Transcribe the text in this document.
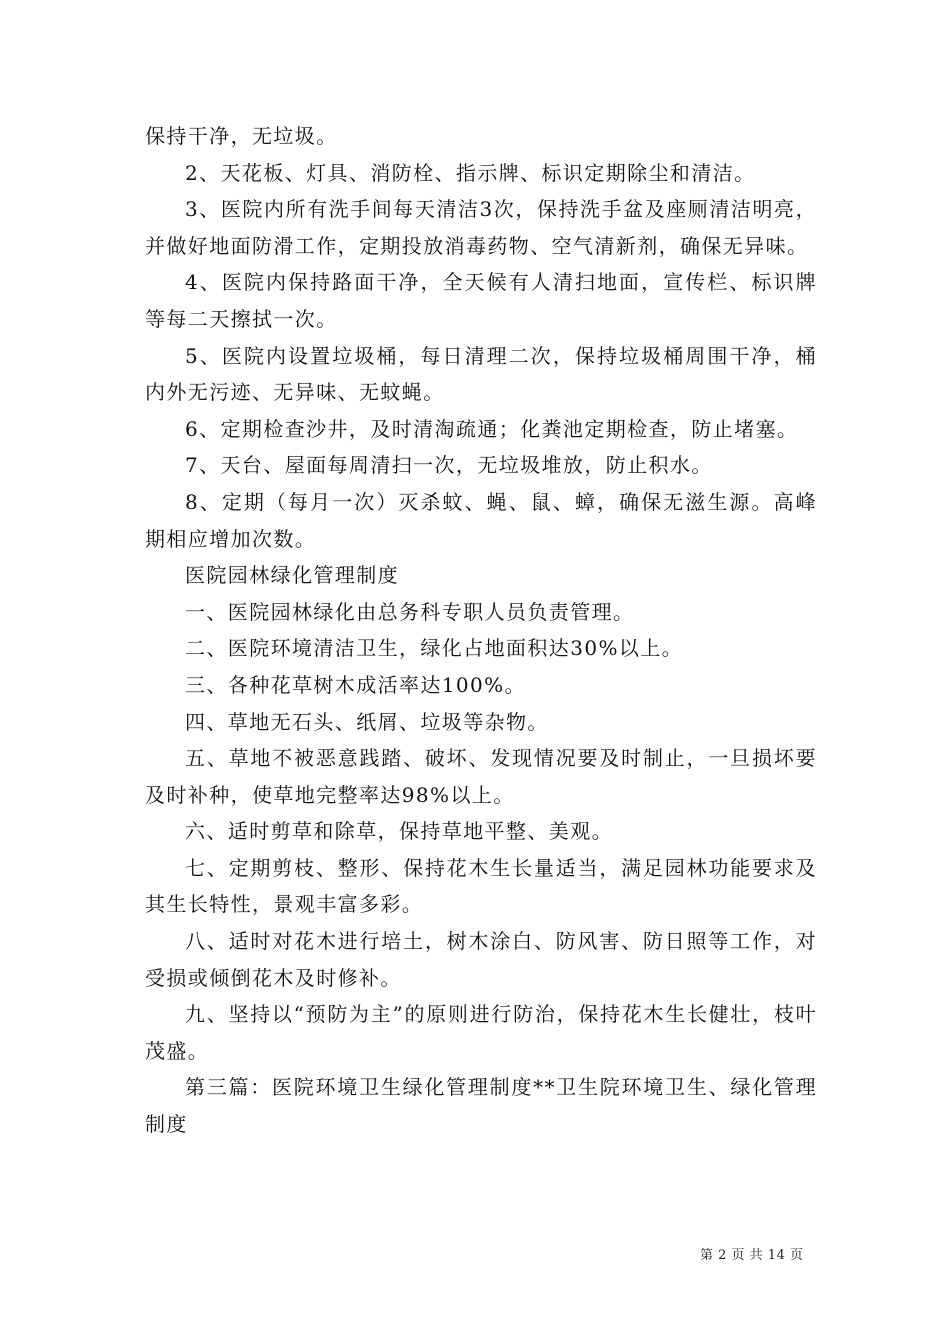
保持干净，无垃圾。

2、天花板、灯具、消防栓、指示牌、标识定期除尘和清洁。

3、医院内所有洗手间每天清洁3次，保持洗手盆及座厕清洁明亮，并做好地面防滑工作，定期投放消毒药物、空气清新剂，确保无异味。

4、医院内保持路面干净，全天候有人清扫地面，宣传栏、标识牌等每二天擦拭一次。

5、医院内设置垃圾桶，每日清理二次，保持垃圾桶周围干净，桶内外无污迹、无异味、无蚊蝇。

6、定期检查沙井，及时清淘疏通；化粪池定期检查，防止堵塞。

7、天台、屋面每周清扫一次，无垃圾堆放，防止积水。

8、定期（每月一次）灭杀蚊、蝇、鼠、蟑，确保无滋生源。高峰期相应增加次数。

医院园林绿化管理制度

一、医院园林绿化由总务科专职人员负责管理。

二、医院环境清洁卫生，绿化占地面积达30%以上。

三、各种花草树木成活率达100%。

四、草地无石头、纸屑、垃圾等杂物。

五、草地不被恶意践踏、破坏、发现情况要及时制止，一旦损坏要及时补种，使草地完整率达98%以上。

六、适时剪草和除草，保持草地平整、美观。

七、定期剪枝、整形、保持花木生长量适当，满足园林功能要求及其生长特性，景观丰富多彩。

八、适时对花木进行培土，树木涂白、防风害、防日照等工作，对受损或倾倒花木及时修补。

九、坚持以“预防为主”的原则进行防治，保持花木生长健壮，枝叶茂盛。

第三篇：医院环境卫生绿化管理制度**卫生院环境卫生、绿化管理制度

第 2 页 共 14 页
